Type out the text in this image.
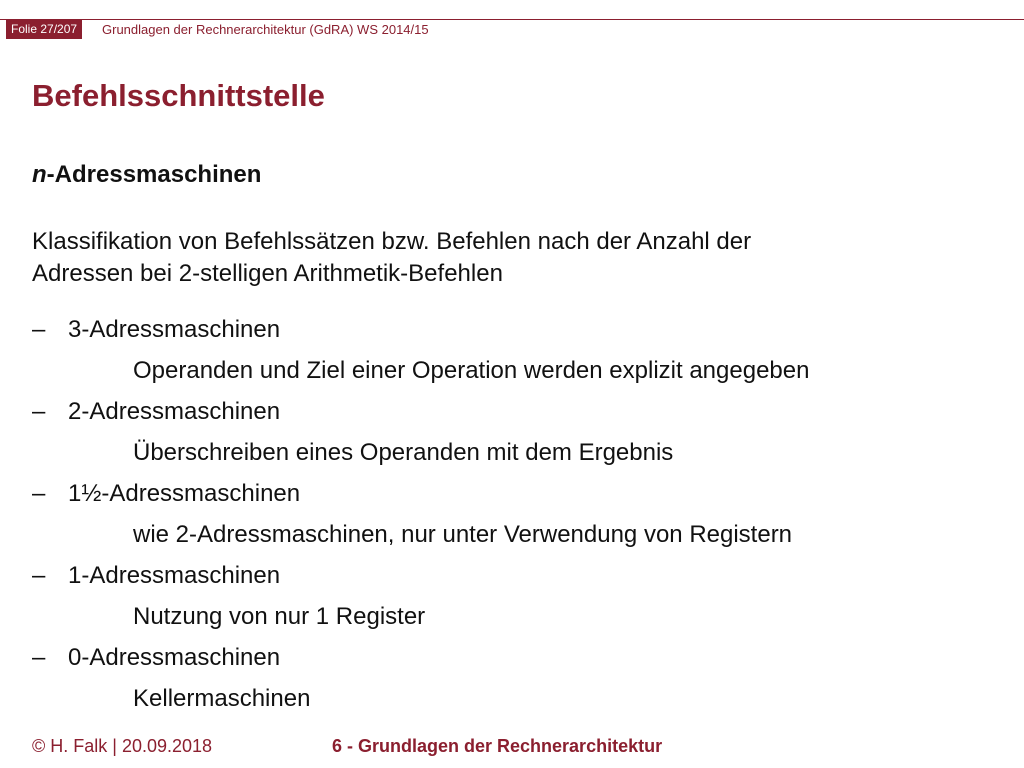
Folie 27/207	Grundlagen der Rechnerarchitektur (GdRA) WS 2014/15
Befehlsschnittstelle
n-Adressmaschinen

Klassifikation von Befehlssätzen bzw. Befehlen nach der Anzahl der
Adressen bei 2-stelligen Arithmetik-Befehlen

– 3-Adressmaschinen
Operanden und Ziel einer Operation werden explizit angegeben
– 2-Adressmaschinen
Überschreiben eines Operanden mit dem Ergebnis
– 1½-Adressmaschinen
wie 2-Adressmaschinen, nur unter Verwendung von Registern
– 1-Adressmaschinen
Nutzung von nur 1 Register
– 0-Adressmaschinen
Kellermaschinen
© H. Falk | 20.09.2018	6 - Grundlagen der Rechnerarchitektur
